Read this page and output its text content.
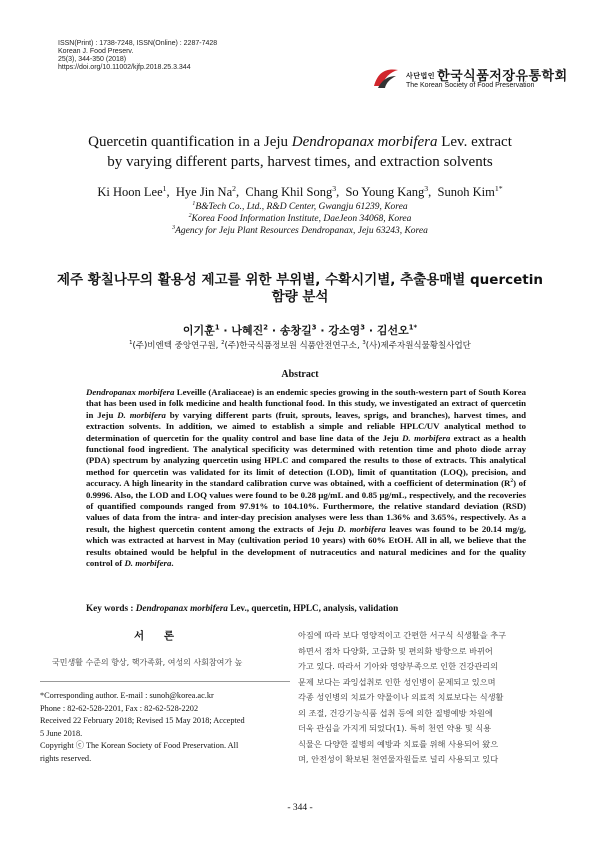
ISSN(Print) : 1738-7248, ISSN(Online) : 2287-7428
Korean J. Food Preserv.
25(3), 344-350 (2018)
https://doi.org/10.11002/kjfp.2018.25.3.344
사단법인 한국식품저장유통학회
The Korean Society of Food Preservation
Quercetin quantification in a Jeju Dendropanax morbifera Lev. extract
by varying different parts, harvest times, and extraction solvents
Ki Hoon Lee$^1$,  Hye Jin Na$^2$,  Chang Khil Song$^3$,  So Young Kang$^3$,  Sunoh Kim$^{1*}$
$^1$B&Tech Co., Ltd., R&D Center, Gwangju 61239, Korea
$^2$Korea Food Information Institute, DaeJeon 34068, Korea
$^3$Agency for Jeju Plant Resources Dendropanax, Jeju 63243, Korea
제주 황칠나무의 활용성 제고를 위한 부위별, 수확시기별, 추출용매별 quercetin
함량 분석
이기훈$^1$ · 나혜진$^2$ · 송창길$^3$ · 강소영$^3$ · 김선오$^{1*}$
$^1$(주)비엔텍 중앙연구원, $^2$(주)한국식품정보원 식품안전연구소, $^3$(사)제주자원식물황칠사업단
Abstract
Dendropanax morbifera Leveille (Araliaceae) is an endemic species growing in the south-western part of South Korea that has been used in folk medicine and health functional food. In this study, we investigated an extract of quercetin in Jeju D. morbifera by varying different parts (fruit, sprouts, leaves, sprigs, and branches), harvest times, and extraction solvents. In addition, we aimed to establish a simple and reliable HPLC/UV analytical method to determination of quercetin for the quality control and base line data of the Jeju D. morbifera extract as a health functional food ingredient. The analytical specificity was determined with retention time and photo diode array (PDA) spectrum by analyzing quercetin using HPLC and compared the results to those of extracts. This analytical method for quercetin was validated for its limit of detection (LOD), limit of quantitation (LOQ), precision, and accuracy. A high linearity in the standard calibration curve was obtained, with a coefficient of determination $(R^2)$ of 0.9996. Also, the LOD and LOQ values were found to be 0.28 μg/mL and 0.85 μg/mL, respectively, and the recoveries of quantified compounds ranged from 97.91% to 104.10%. Furthermore, the relative standard deviation (RSD) values of data from the intra- and inter-day precision analyses were less than 1.36% and 3.65%, respectively. As a result, the highest quercetin content among the extracts of Jeju D. morbifera leaves was found to be 20.14 mg/g, which was extracted at harvest in May (cultivation period 10 years) with 60% EtOH. All in all, we believe that the results obtained would be helpful in the development of nutraceutics and natural medicines and for the quality control of D. morbifera.
Key words : Dendropanax morbifera Lev., quercetin, HPLC, analysis, validation
서 론
국민생활 수준의 향상, 핵가족화, 여성의 사회참여가 높
*Corresponding author. E-mail : sunoh@korea.ac.kr
Phone : 82-62-528-2201, Fax : 82-62-528-2202
Received 22 February 2018; Revised 15 May 2018; Accepted
5 June 2018.
Copyright ⓒ The Korean Society of Food Preservation. All
rights reserved.
아짐에 따라 보다 영양적이고 간편한 서구식 식생활을 추구
하면서 점차 다양화, 고급화 및 편의화 방향으로 바뀌어
가고 있다. 따라서 기아와 영양부족으로 인한 건강관리의
문제 보다는 과잉섭취로 인한 성인병이 문제되고 있으며
각종 성인병의 치료가 약물이나 의료적 치료보다는 식생활
의 조절, 건강기능식품 섭취 등에 의한 질병예방 차원에
더욱 관심을 가지게 되었다(1). 특히 천연 약용 및 식용
식물은 다양한 질병의 예방과 치료를 위해 사용되어 왔으
며, 안전성이 확보된 천연물자원들로 널리 사용되고 있다
- 344 -
